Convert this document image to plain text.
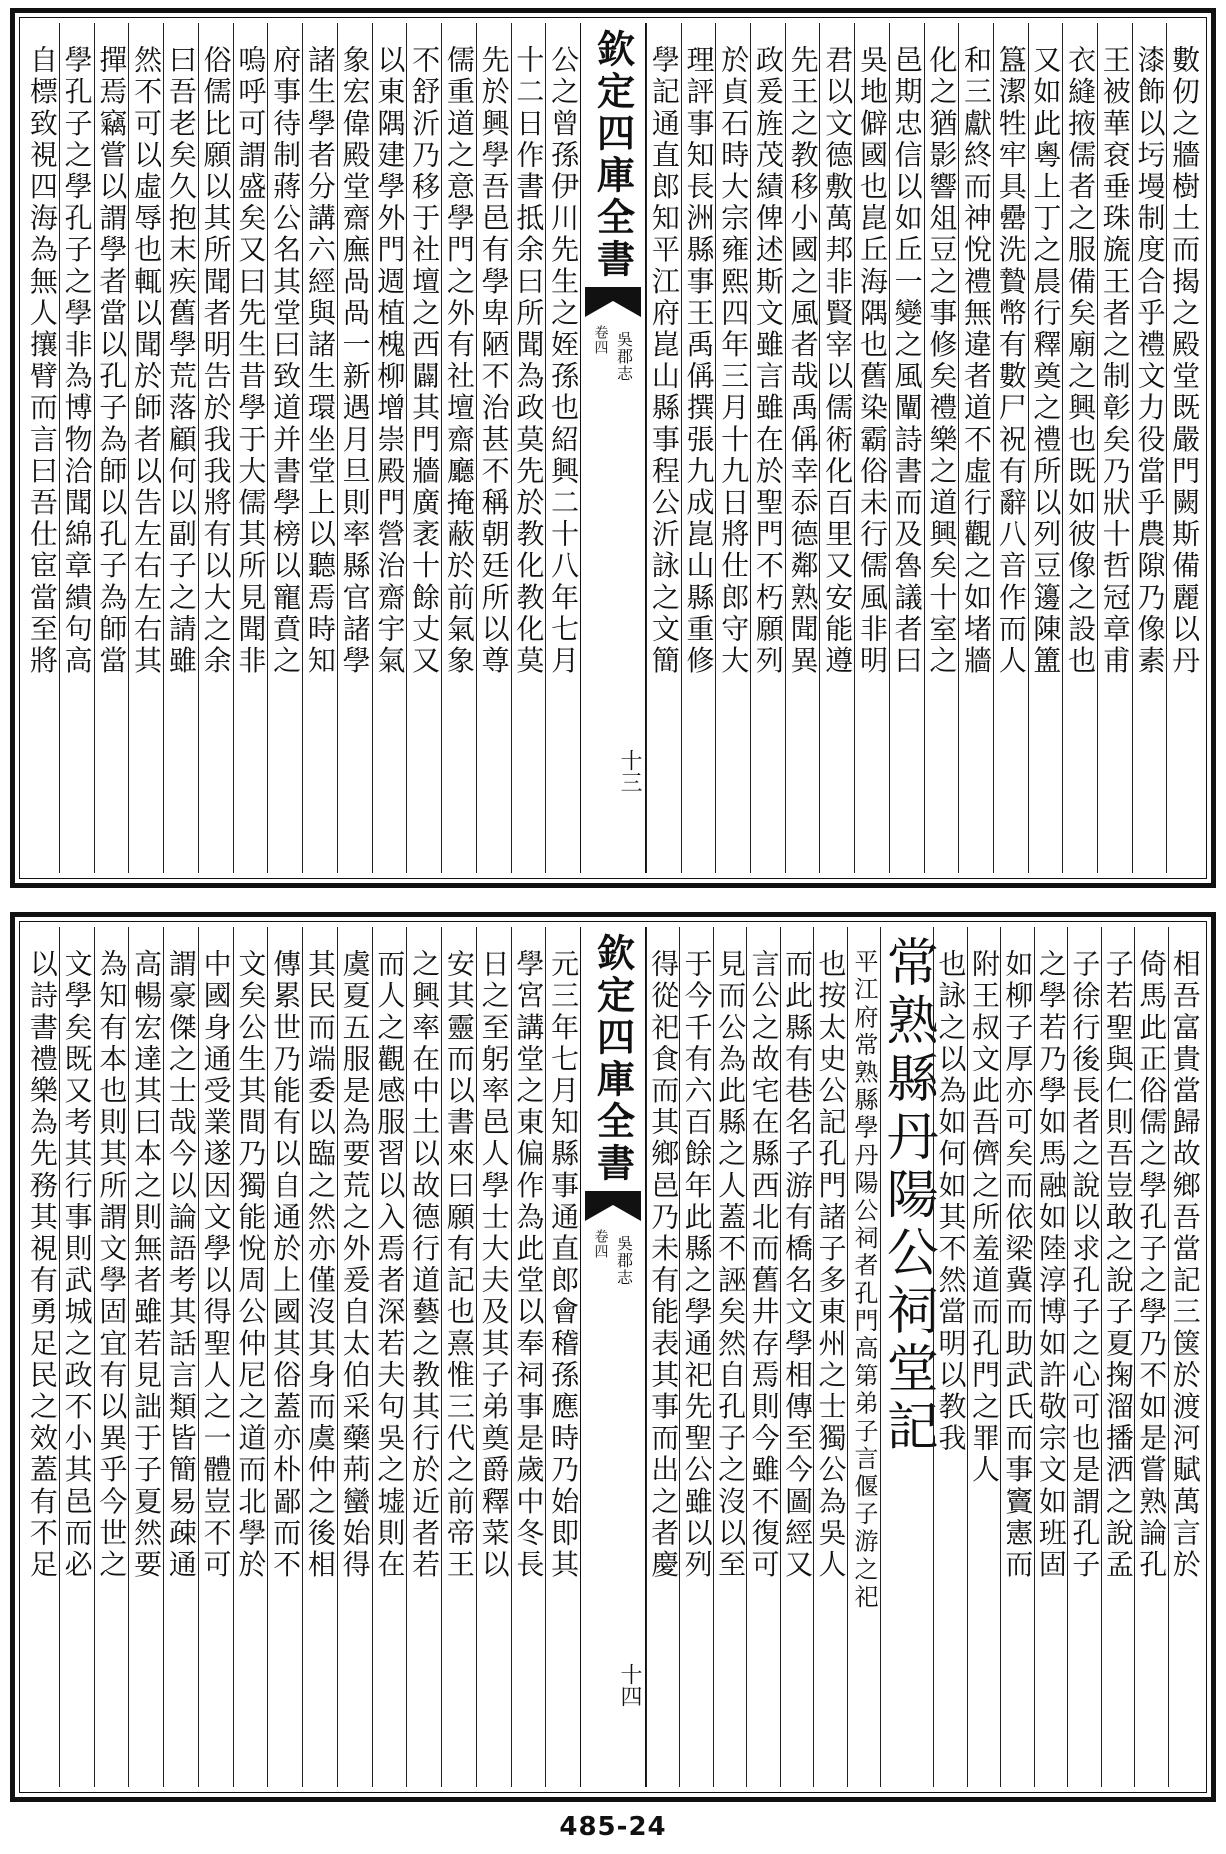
數仞之牆樹土而揭之殿堂既嚴門闕斯備麗以丹
漆飾以圬墁制度合乎禮文力役當乎農隙乃像素
王被華袞垂珠旒王者之制彰矣乃狀十哲冠章甫
衣縫掖儒者之服備矣廟之興也既如彼像之設也
又如此粵上丁之晨行釋奠之禮所以列豆籩陳簠
簋潔牲牢具罍洗贄幣有數尸祝有辭八音作而人
和三獻終而神悅禮無違者道不虛行觀之如堵牆
化之猶影響俎豆之事修矣禮樂之道興矣十室之
邑期忠信以如丘一變之風闡詩書而及魯議者曰
吳地僻國也崑丘海隅也舊染霸俗未行儒風非明
君以文德敷萬邦非賢宰以儒術化百里又安能遵
先王之教移小國之風者哉禹偁幸忝德鄰熟聞異
政爰旌茂績俾述斯文雖言雖在於聖門不朽願列
於貞石時大宗雍熙四年三月十九日將仕郎守大
理評事知長洲縣事王禹偁撰張九成崑山縣重修
學記通直郎知平江府崑山縣事程公沂詠之文簡
欽定四庫全書
吳郡志
卷四
十三
公之曾孫伊川先生之姪孫也紹興二十八年七月
十二日作書抵余曰所聞為政莫先於教化教化莫
先於興學吾邑有學卑陋不治甚不稱朝廷所以尊
儒重道之意學門之外有社壇齋廳掩蔽於前氣象
不舒沂乃移于社壇之西闢其門牆廣袤十餘丈又
以東隅建學外門週植槐柳增崇殿門營治齋宇氣
象宏偉殿堂齋廡咼咼一新遇月旦則率縣官諸學
諸生學者分講六經與諸生環坐堂上以聽焉時知
府事待制蔣公名其堂曰致道并書學榜以寵賁之
嗚呼可謂盛矣又曰先生昔學于大儒其所見聞非
俗儒比願以其所聞者明告於我我將有以大之余
曰吾老矣久抱末疾舊學荒落顧何以副子之請雖
然不可以虛辱也輒以聞於師者以告左右左右其
撣焉竊嘗以謂學者當以孔子為師以孔子為師當
學孔子之學孔子之學非為博物洽聞綿章繢句高
自標致視四海為無人攘臂而言曰吾仕宦當至將
相吾富貴當歸故鄉吾當記三箧於渡河賦萬言於
倚馬此正俗儒之學孔子之學乃不如是嘗熟論孔
子若聖與仁則吾豈敢之說子夏掬溜播洒之說孟
子徐行後長者之說以求孔子之心可也是謂孔子
之學若乃學如馬融如陸淳博如許敬宗文如班固
如柳子厚亦可矣而依梁冀而助武氏而事竇憲而
附王叔文此吾儕之所羞道而孔門之罪人
也詠之以為如何如其不然當明以教我
常熟縣丹陽公祠堂記
平江府常熟縣學丹陽公祠者孔門高第弟子言偃子游之祀
也按太史公記孔門諸子多東州之士獨公為吳人
而此縣有巷名子游有橋名文學相傳至今圖經又
言公之故宅在縣西北而舊井存焉則今雖不復可
見而公為此縣之人蓋不誣矣然自孔子之沒以至
于今千有六百餘年此縣之學通祀先聖公雖以列
得從祀食而其鄉邑乃未有能表其事而出之者慶
欽定四庫全書
吳郡志
卷四
十四
元三年七月知縣事通直郎會稽孫應時乃始即其
學宮講堂之東偏作為此堂以奉祠事是歲中冬長
日之至躬率邑人學士大夫及其子弟奠爵釋菜以
安其靈而以書來曰願有記也熹惟三代之前帝王
之興率在中土以故德行道藝之教其行於近者若
而人之觀感服習以入焉者深若夫句吳之墟則在
虞夏五服是為要荒之外爰自太伯采藥荊蠻始得
其民而端委以臨之然亦僅沒其身而虞仲之後相
傳累世乃能有以自通於上國其俗蓋亦朴鄙而不
文矣公生其間乃獨能悅周公仲尼之道而北學於
中國身通受業遂因文學以得聖人之一體豈不可
謂豪傑之士哉今以論語考其話言類皆簡易疎通
高暢宏達其曰本之則無者雖若見詘于子夏然要
為知有本也則其所謂文學固宜有以異乎今世之
文學矣既又考其行事則武城之政不小其邑而必
以詩書禮樂為先務其視有勇足民之效蓋有不足
485-24
